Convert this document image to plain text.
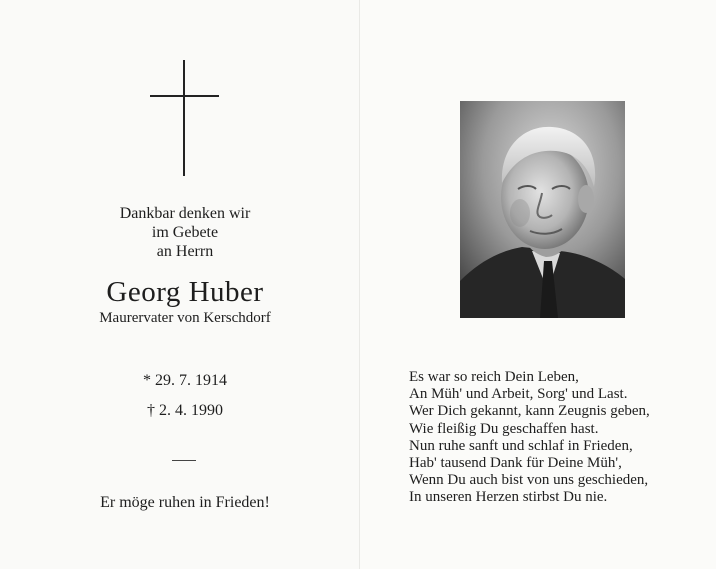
Dankbar denken wir
im Gebete
an Herrn
Georg Huber
Maurervater von Kerschdorf
* 29. 7. 1914
† 2. 4. 1990
Er möge ruhen in Frieden!
Es war so reich Dein Leben,
An Müh' und Arbeit, Sorg' und Last.
Wer Dich gekannt, kann Zeugnis geben,
Wie fleißig Du geschaffen hast.
Nun ruhe sanft und schlaf in Frieden,
Hab' tausend Dank für Deine Müh',
Wenn Du auch bist von uns geschieden,
In unseren Herzen stirbst Du nie.
